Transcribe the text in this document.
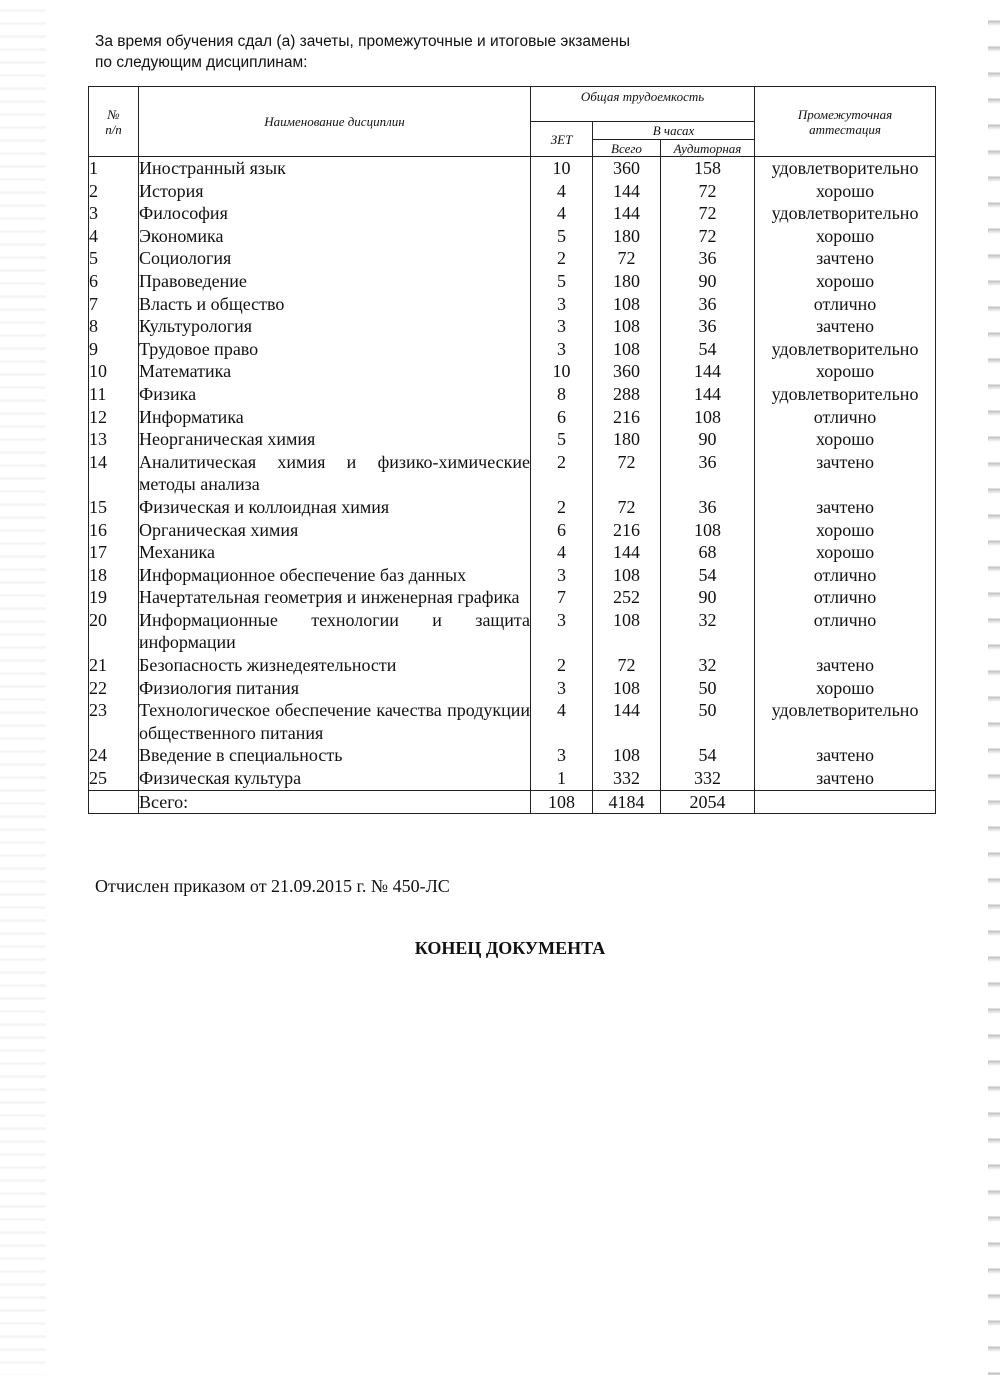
За время обучения сдал (а) зачеты, промежуточные и итоговые экзамены
по следующим дисциплинам:
№ п/п	Наименование дисциплин	Общая трудоемкость			Промежуточная аттестация
		ЗЕТ	В часах		
			Всего	Аудиторная	
1	Иностранный язык	10	360	158	удовлетворительно
2	История	4	144	72	хорошо
3	Философия	4	144	72	удовлетворительно
4	Экономика	5	180	72	хорошо
5	Социология	2	72	36	зачтено
6	Правоведение	5	180	90	хорошо
7	Власть и общество	3	108	36	отлично
8	Культурология	3	108	36	зачтено
9	Трудовое право	3	108	54	удовлетворительно
10	Математика	10	360	144	хорошо
11	Физика	8	288	144	удовлетворительно
12	Информатика	6	216	108	отлично
13	Неорганическая химия	5	180	90	хорошо
14	Аналитическая химия и физико-химические методы анализа	2	72	36	зачтено
15	Физическая и коллоидная химия	2	72	36	зачтено
16	Органическая химия	6	216	108	хорошо
17	Механика	4	144	68	хорошо
18	Информационное обеспечение баз данных	3	108	54	отлично
19	Начертательная геометрия и инженерная графика	7	252	90	отлично
20	Информационные технологии и защита информации	3	108	32	отлично
21	Безопасность жизнедеятельности	2	72	32	зачтено
22	Физиология питания	3	108	50	хорошо
23	Технологическое обеспечение качества продукции общественного питания	4	144	50	удовлетворительно
24	Введение в специальность	3	108	54	зачтено
25	Физическая культура	1	332	332	зачтено
	Всего:	108	4184	2054	
Отчислен приказом от 21.09.2015 г. № 450-ЛС
КОНЕЦ ДОКУМЕНТА
